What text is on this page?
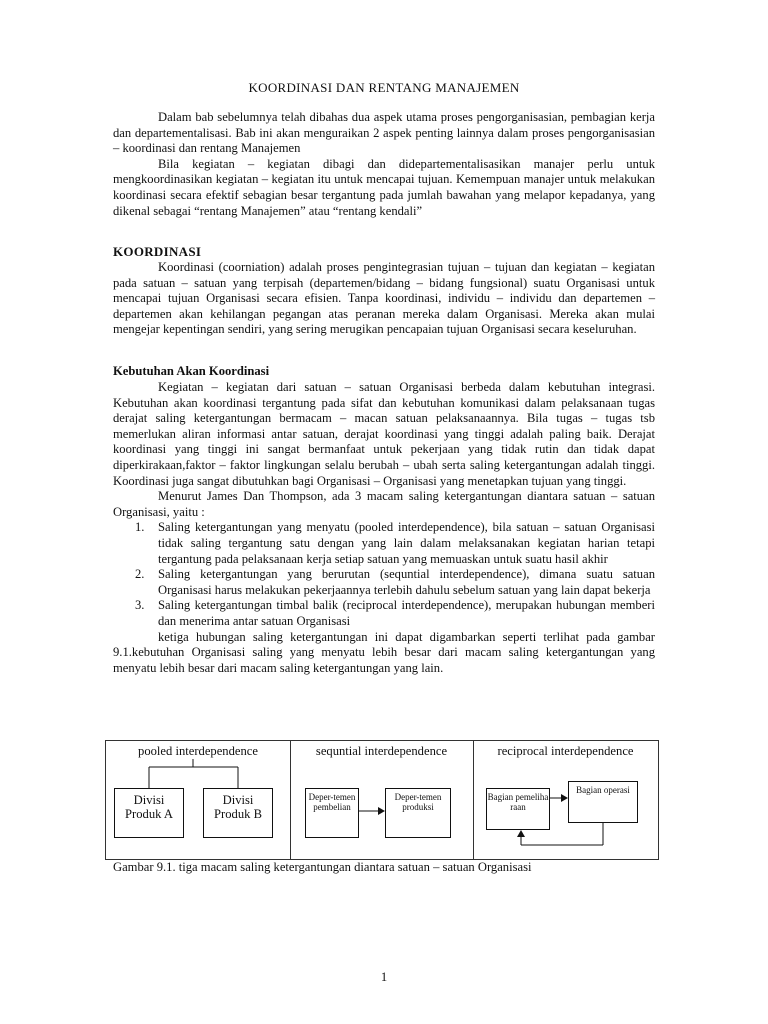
KOORDINASI DAN RENTANG MANAJEMEN

Dalam bab sebelumnya telah dibahas dua aspek utama proses pengorganisasian, pembagian kerja dan departementalisasi. Bab ini akan menguraikan 2 aspek penting lainnya dalam proses pengorganisasian – koordinasi dan rentang Manajemen

Bila kegiatan – kegiatan dibagi dan didepartementalisasikan manajer perlu untuk mengkoordinasikan kegiatan – kegiatan itu untuk mencapai tujuan. Kemempuan manajer untuk melakukan koordinasi secara efektif sebagian besar tergantung pada jumlah bawahan yang melapor kepadanya, yang dikenal sebagai “rentang Manajemen” atau “rentang kendali”

KOORDINASI

Koordinasi (coorniation) adalah proses pengintegrasian tujuan – tujuan dan kegiatan – kegiatan pada satuan – satuan yang terpisah (departemen/bidang – bidang fungsional) suatu Organisasi untuk mencapai tujuan Organisasi secara efisien. Tanpa koordinasi, individu – individu dan departemen – departemen akan kehilangan pegangan atas peranan mereka dalam Organisasi. Mereka akan mulai mengejar kepentingan sendiri, yang sering merugikan pencapaian tujuan Organisasi secara keseluruhan.

Kebutuhan Akan Koordinasi

Kegiatan – kegiatan dari satuan – satuan Organisasi berbeda dalam kebutuhan integrasi. Kebutuhan akan koordinasi tergantung pada sifat dan kebutuhan komunikasi dalam pelaksanaan tugas derajat saling ketergantungan bermacam – macan satuan pelaksanaannya. Bila tugas – tugas tsb memerlukan aliran informasi antar satuan, derajat koordinasi yang tinggi adalah paling baik. Derajat koordinasi yang tinggi ini sangat bermanfaat untuk pekerjaan yang tidak rutin dan tidak dapat diperkirakaan,faktor – faktor lingkungan selalu berubah – ubah serta saling ketergantungan adalah tinggi. Koordinasi juga sangat dibutuhkan bagi Organisasi – Organisasi yang menetapkan tujuan yang tinggi.

Menurut James Dan Thompson, ada 3 macam saling ketergantungan diantara satuan – satuan Organisasi, yaitu :

1. Saling ketergantungan yang menyatu (pooled interdependence), bila satuan – satuan Organisasi tidak saling tergantung satu dengan yang lain dalam melaksanakan kegiatan harian tetapi tergantung pada pelaksanaan kerja setiap satuan yang memuaskan untuk suatu hasil akhir
2. Saling ketergantungan yang berurutan (sequntial interdependence), dimana suatu satuan Organisasi harus melakukan pekerjaannya terlebih dahulu sebelum satuan yang lain dapat bekerja
3. Saling ketergantungan timbal balik (reciprocal interdependence), merupakan hubungan memberi dan menerima antar satuan Organisasi

ketiga hubungan saling ketergantungan ini dapat digambarkan seperti terlihat pada gambar 9.1.kebutuhan Organisasi saling yang menyatu lebih besar dari macam saling ketergantungan yang menyatu lebih besar dari macam saling ketergantungan yang lain.

pooled interdependence
Divisi Produk A
Divisi Produk B
sequntial interdependence
Deper-temen pembelian
Deper-temen produksi
reciprocal interdependence
Bagian pemeliha raan
Bagian operasi
Gambar 9.1. tiga macam saling ketergantungan diantara satuan – satuan Organisasi
1
